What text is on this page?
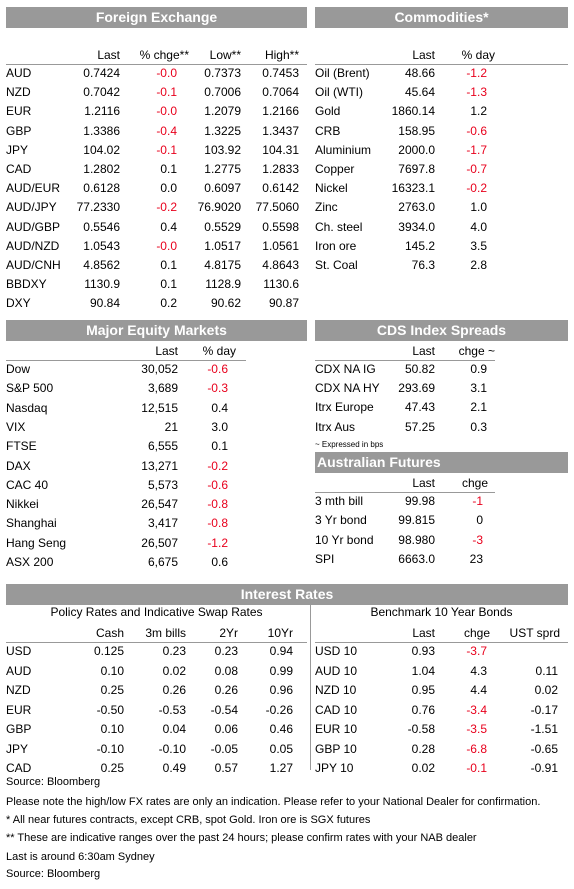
Foreign Exchange
Last	% chge**	Low**	High**
AUD	0.7424	-0.0	0.7373	0.7453
NZD	0.7042	-0.1	0.7006	0.7064
EUR	1.2116	-0.0	1.2079	1.2166
GBP	1.3386	-0.4	1.3225	1.3437
JPY	104.02	-0.1	103.92	104.31
CAD	1.2802	0.1	1.2775	1.2833
AUD/EUR	0.6128	0.0	0.6097	0.6142
AUD/JPY	77.2330	-0.2 76.9020	77.5060
AUD/GBP	0.5546	0.4	0.5529	0.5598
AUD/NZD	1.0543	-0.0	1.0517	1.0561
AUD/CNH	4.8562	0.1	4.8175	4.8643
BBDXY	1130.9	0.1	1128.9	1130.6
DXY	90.84	0.2	90.62	90.87
Commodities*
Last	% day
Oil (Brent)	48.66	-1.2
Oil (WTI)	45.64	-1.3
Gold	1860.14	1.2
CRB	158.95	-0.6
Aluminium	2000.0	-1.7
Copper	7697.8	-0.7
Nickel	16323.1	-0.2
Zinc	2763.0	1.0
Ch. steel	3934.0	4.0
Iron ore	145.2	3.5
St. Coal	76.3	2.8
Major Equity Markets
Last	% day
Dow	30,052	-0.6
S&P 500	3,689	-0.3
Nasdaq	12,515	0.4
VIX	21	3.0
FTSE	6,555	0.1
DAX	13,271	-0.2
CAC 40	5,573	-0.6
Nikkei	26,547	-0.8
Shanghai	3,417	-0.8
Hang Seng	26,507	-1.2
ASX 200	6,675	0.6
CDS Index Spreads
Last	chge ~
CDX NA IG	50.82	0.9
CDX NA HY	293.69	3.1
Itrx Europe	47.43	2.1
Itrx Aus	57.25	0.3
~ Expressed in bps
Australian Futures
Last	chge
3 mth bill	99.98	-1
3 Yr bond	99.815	0
10 Yr bond	98.980	-3
SPI	6663.0	23
Interest Rates
Policy Rates and Indicative Swap Rates	Benchmark 10 Year Bonds
Cash	3m bills	2Yr	10Yr	Last	chge	UST sprd
USD	0.125	0.23	0.23	0.94
AUD	0.10	0.02	0.08	0.99
NZD	0.25	0.26	0.26	0.96
EUR	-0.50	-0.53	-0.54	-0.26
GBP	0.10	0.04	0.06	0.46
JPY	-0.10	-0.10	-0.05	0.05
CAD	0.25	0.49	0.57	1.27
USD 10	0.93	-3.7
AUD 10	1.04	4.3	0.11
NZD 10	0.95	4.4	0.02
CAD 10	0.76	-3.4	-0.17
EUR 10	-0.58	-3.5	-1.51
GBP 10	0.28	-6.8	-0.65
JPY 10	0.02	-0.1	-0.91
Source: Bloomberg
Please note the high/low FX rates are only an indication. Please refer to your National Dealer for confirmation.
* All near futures contracts, except CRB, spot Gold. Iron ore is SGX futures
** These are indicative ranges over the past 24 hours; please confirm rates with your NAB dealer
Last is around 6:30am Sydney
Source: Bloomberg
